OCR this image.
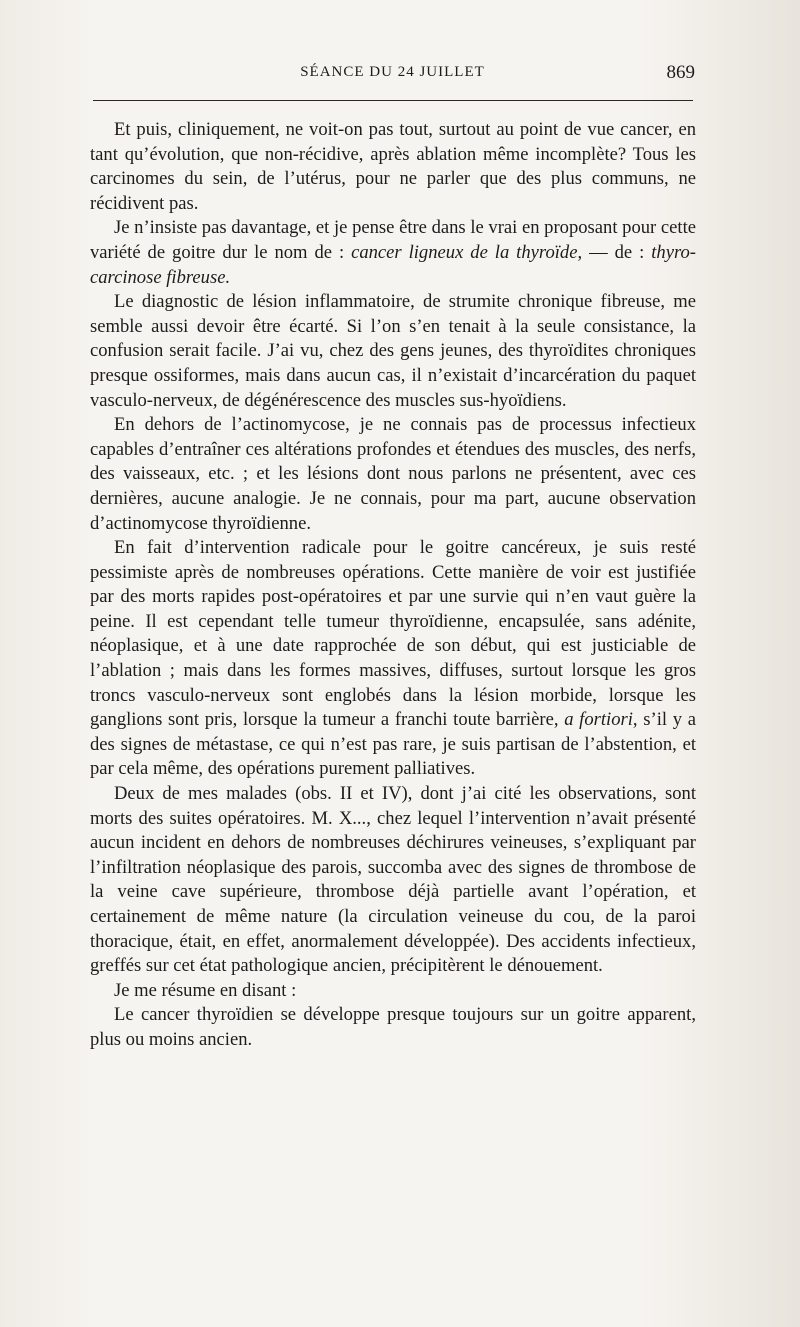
SÉANCE DU 24 JUILLET	869

Et puis, cliniquement, ne voit-on pas tout, surtout au point de vue cancer, en tant qu’évolution, que non-récidive, après ablation même incomplète? Tous les carcinomes du sein, de l’utérus, pour ne parler que des plus communs, ne récidivent pas.

Je n’insiste pas davantage, et je pense être dans le vrai en proposant pour cette variété de goitre dur le nom de : cancer ligneux de la thyroïde, — de : thyro-carcinose fibreuse.

Le diagnostic de lésion inflammatoire, de strumite chronique fibreuse, me semble aussi devoir être écarté. Si l’on s’en tenait à la seule consistance, la confusion serait facile. J’ai vu, chez des gens jeunes, des thyroïdites chroniques presque ossiformes, mais dans aucun cas, il n’existait d’incarcération du paquet vasculo-nerveux, de dégénérescence des muscles sus-hyoïdiens.

En dehors de l’actinomycose, je ne connais pas de processus infectieux capables d’entraîner ces altérations profondes et étendues des muscles, des nerfs, des vaisseaux, etc. ; et les lésions dont nous parlons ne présentent, avec ces dernières, aucune analogie. Je ne connais, pour ma part, aucune observation d’actinomycose thyroïdienne.

En fait d’intervention radicale pour le goitre cancéreux, je suis resté pessimiste après de nombreuses opérations. Cette manière de voir est justifiée par des morts rapides post-opératoires et par une survie qui n’en vaut guère la peine. Il est cependant telle tumeur thyroïdienne, encapsulée, sans adénite, néoplasique, et à une date rapprochée de son début, qui est justiciable de l’ablation ; mais dans les formes massives, diffuses, surtout lorsque les gros troncs vasculo-nerveux sont englobés dans la lésion morbide, lorsque les ganglions sont pris, lorsque la tumeur a franchi toute barrière, a fortiori, s’il y a des signes de métastase, ce qui n’est pas rare, je suis partisan de l’abstention, et par cela même, des opérations purement palliatives.

Deux de mes malades (obs. II et IV), dont j’ai cité les observations, sont morts des suites opératoires. M. X..., chez lequel l’intervention n’avait présenté aucun incident en dehors de nombreuses déchirures veineuses, s’expliquant par l’infiltration néoplasique des parois, succomba avec des signes de thrombose de la veine cave supérieure, thrombose déjà partielle avant l’opération, et certainement de même nature (la circulation veineuse du cou, de la paroi thoracique, était, en effet, anormalement développée). Des accidents infectieux, greffés sur cet état pathologique ancien, précipitèrent le dénouement.

Je me résume en disant :

Le cancer thyroïdien se développe presque toujours sur un goitre apparent, plus ou moins ancien.
